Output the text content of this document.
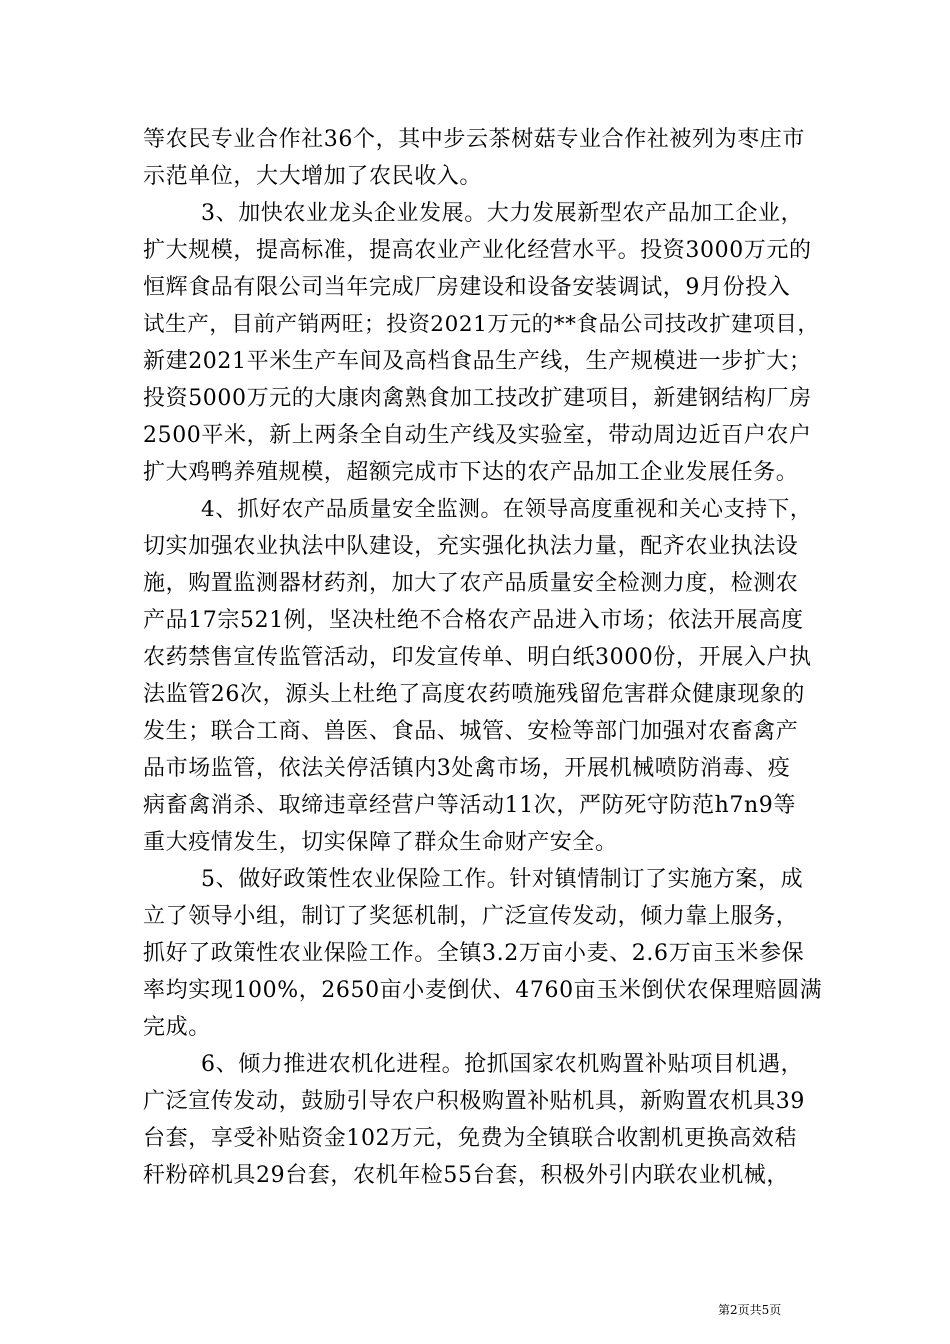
等农民专业合作社36个，其中步云茶树菇专业合作社被列为枣庄市
示范单位，大大增加了农民收入。
3、加快农业龙头企业发展。大力发展新型农产品加工企业，
扩大规模，提高标准，提高农业产业化经营水平。投资3000万元的
恒辉食品有限公司当年完成厂房建设和设备安装调试，9月份投入
试生产，目前产销两旺；投资2021万元的**食品公司技改扩建项目，
新建2021平米生产车间及高档食品生产线，生产规模进一步扩大；
投资5000万元的大康肉禽熟食加工技改扩建项目，新建钢结构厂房
2500平米，新上两条全自动生产线及实验室，带动周边近百户农户
扩大鸡鸭养殖规模，超额完成市下达的农产品加工企业发展任务。
4、抓好农产品质量安全监测。在领导高度重视和关心支持下，
切实加强农业执法中队建设，充实强化执法力量，配齐农业执法设
施，购置监测器材药剂，加大了农产品质量安全检测力度，检测农
产品17宗521例，坚决杜绝不合格农产品进入市场；依法开展高度
农药禁售宣传监管活动，印发宣传单、明白纸3000份，开展入户执
法监管26次，源头上杜绝了高度农药喷施残留危害群众健康现象的
发生；联合工商、兽医、食品、城管、安检等部门加强对农畜禽产
品市场监管，依法关停活镇内3处禽市场，开展机械喷防消毒、疫
病畜禽消杀、取缔违章经营户等活动11次，严防死守防范h7n9等
重大疫情发生，切实保障了群众生命财产安全。
5、做好政策性农业保险工作。针对镇情制订了实施方案，成
立了领导小组，制订了奖惩机制，广泛宣传发动，倾力靠上服务，
抓好了政策性农业保险工作。全镇3.2万亩小麦、2.6万亩玉米参保
率均实现100%，2650亩小麦倒伏、4760亩玉米倒伏农保理赔圆满
完成。
6、倾力推进农机化进程。抢抓国家农机购置补贴项目机遇，
广泛宣传发动，鼓励引导农户积极购置补贴机具，新购置农机具39
台套，享受补贴资金102万元，免费为全镇联合收割机更换高效秸
秆粉碎机具29台套，农机年检55台套，积极外引内联农业机械，
第2页共5页
